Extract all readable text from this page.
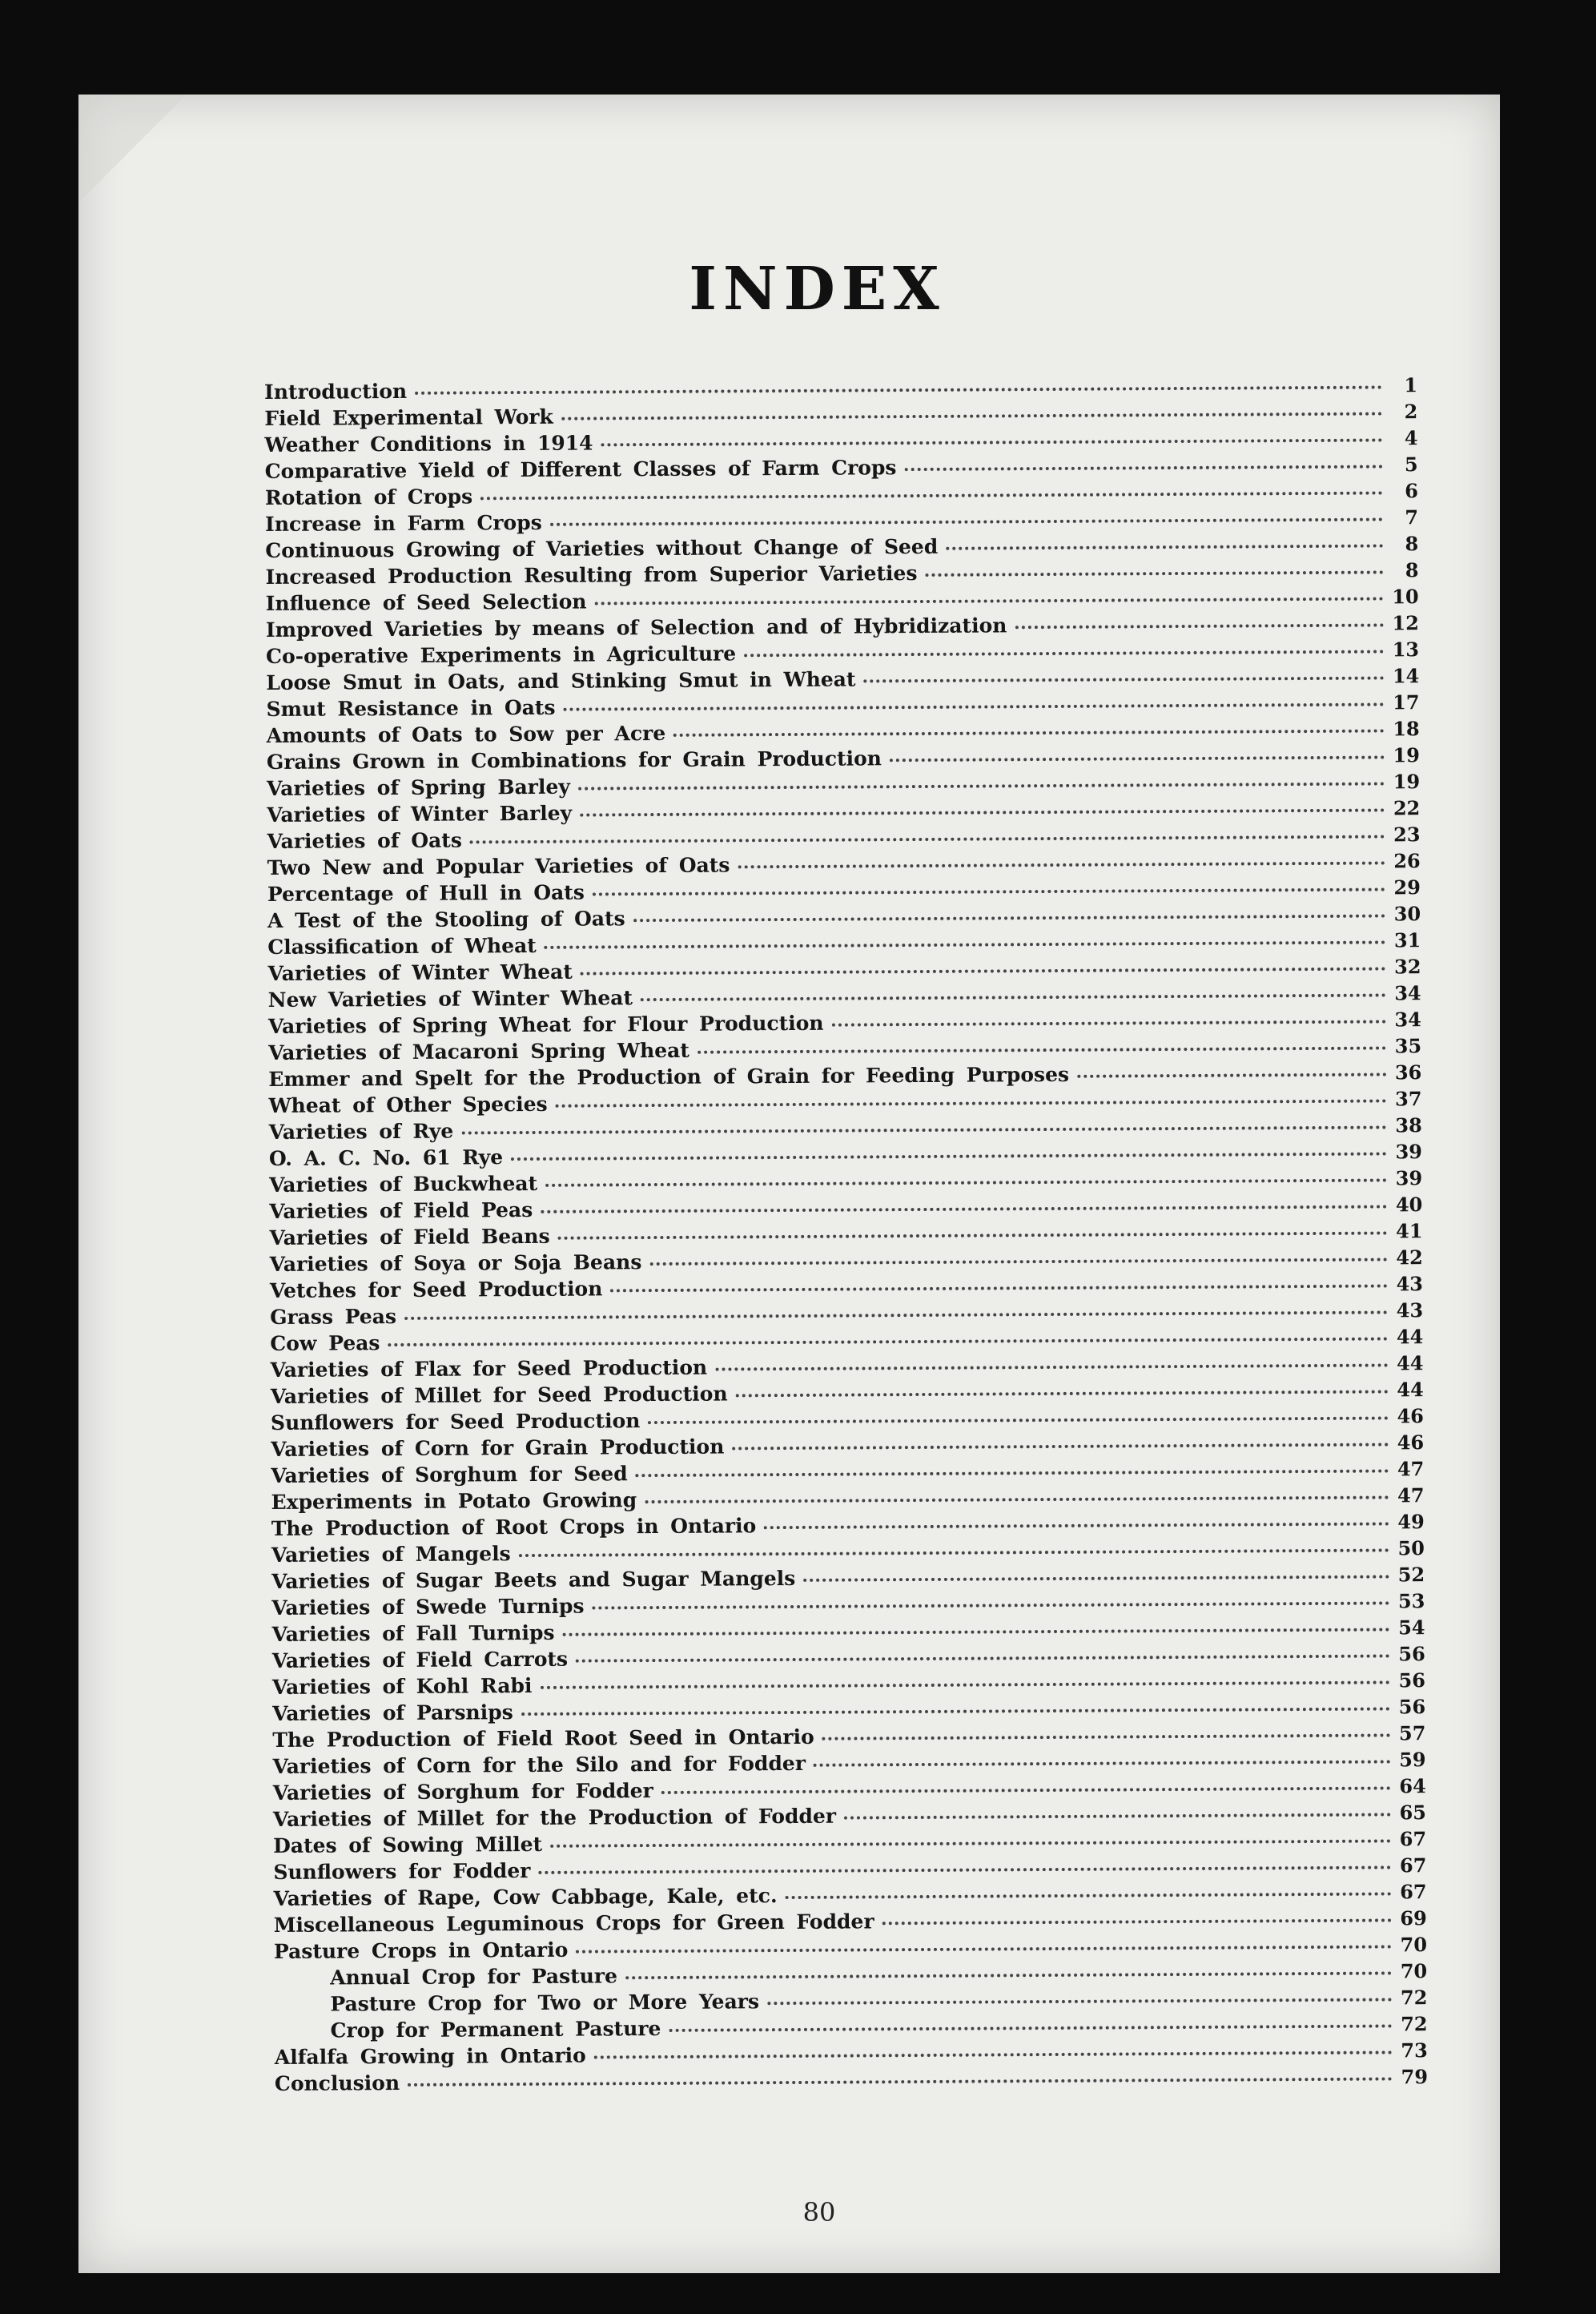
INDEX
Introduction	1
Field Experimental Work	2
Weather Conditions in 1914	4
Comparative Yield of Different Classes of Farm Crops	5
Rotation of Crops	6
Increase in Farm Crops	7
Continuous Growing of Varieties without Change of Seed	8
Increased Production Resulting from Superior Varieties	8
Influence of Seed Selection	10
Improved Varieties by means of Selection and of Hybridization	12
Co-operative Experiments in Agriculture	13
Loose Smut in Oats, and Stinking Smut in Wheat	14
Smut Resistance in Oats	17
Amounts of Oats to Sow per Acre	18
Grains Grown in Combinations for Grain Production	19
Varieties of Spring Barley	19
Varieties of Winter Barley	22
Varieties of Oats	23
Two New and Popular Varieties of Oats	26
Percentage of Hull in Oats	29
A Test of the Stooling of Oats	30
Classification of Wheat	31
Varieties of Winter Wheat	32
New Varieties of Winter Wheat	34
Varieties of Spring Wheat for Flour Production	34
Varieties of Macaroni Spring Wheat	35
Emmer and Spelt for the Production of Grain for Feeding Purposes	36
Wheat of Other Species	37
Varieties of Rye	38
O. A. C. No. 61 Rye	39
Varieties of Buckwheat	39
Varieties of Field Peas	40
Varieties of Field Beans	41
Varieties of Soya or Soja Beans	42
Vetches for Seed Production	43
Grass Peas	43
Cow Peas	44
Varieties of Flax for Seed Production	44
Varieties of Millet for Seed Production	44
Sunflowers for Seed Production	46
Varieties of Corn for Grain Production	46
Varieties of Sorghum for Seed	47
Experiments in Potato Growing	47
The Production of Root Crops in Ontario	49
Varieties of Mangels	50
Varieties of Sugar Beets and Sugar Mangels	52
Varieties of Swede Turnips	53
Varieties of Fall Turnips	54
Varieties of Field Carrots	56
Varieties of Kohl Rabi	56
Varieties of Parsnips	56
The Production of Field Root Seed in Ontario	57
Varieties of Corn for the Silo and for Fodder	59
Varieties of Sorghum for Fodder	64
Varieties of Millet for the Production of Fodder	65
Dates of Sowing Millet	67
Sunflowers for Fodder	67
Varieties of Rape, Cow Cabbage, Kale, etc.	67
Miscellaneous Leguminous Crops for Green Fodder	69
Pasture Crops in Ontario	70
Annual Crop for Pasture	70
Pasture Crop for Two or More Years	72
Crop for Permanent Pasture	72
Alfalfa Growing in Ontario	73
Conclusion	79
80
